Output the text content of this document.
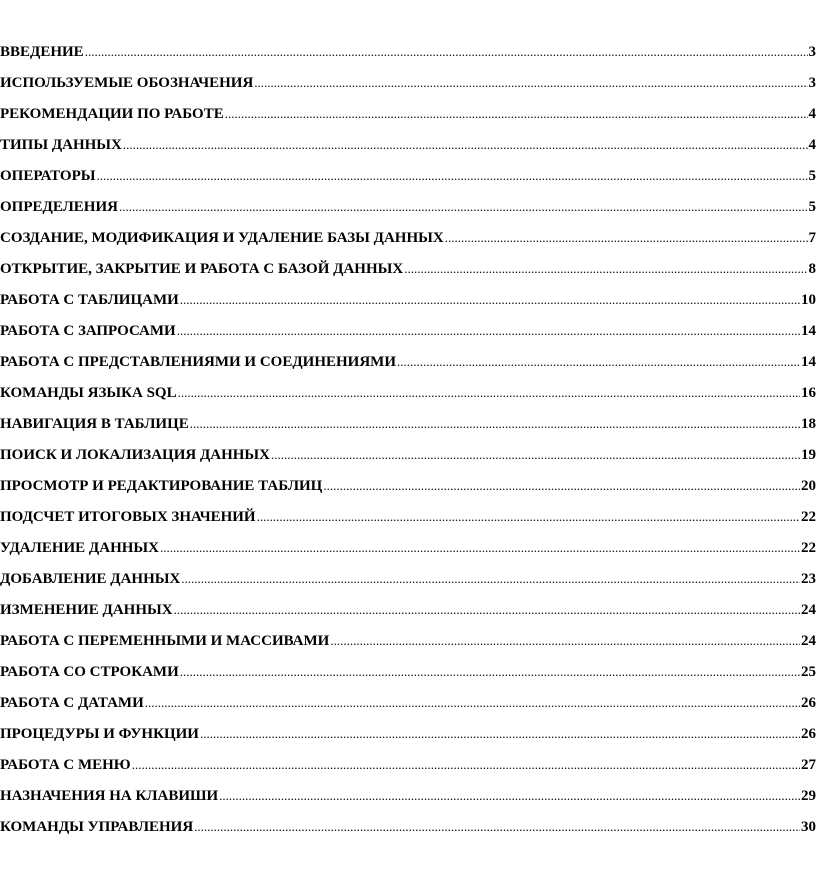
ВВЕДЕНИЕ .....	3
ИСПОЛЬЗУЕМЫЕ ОБОЗНАЧЕНИЯ .....	3
РЕКОМЕНДАЦИИ ПО РАБОТЕ .....	4
ТИПЫ ДАННЫХ .....	4
ОПЕРАТОРЫ .....	5
ОПРЕДЕЛЕНИЯ .....	5
СОЗДАНИЕ, МОДИФИКАЦИЯ И УДАЛЕНИЕ БАЗЫ ДАННЫХ .....	7
ОТКРЫТИЕ, ЗАКРЫТИЕ И РАБОТА С БАЗОЙ ДАННЫХ .....	8
РАБОТА С ТАБЛИЦАМИ .....	10
РАБОТА С ЗАПРОСАМИ .....	14
РАБОТА С ПРЕДСТАВЛЕНИЯМИ И СОЕДИНЕНИЯМИ .....	14
КОМАНДЫ ЯЗЫКА SQL .....	16
НАВИГАЦИЯ В ТАБЛИЦЕ .....	18
ПОИСК И ЛОКАЛИЗАЦИЯ ДАННЫХ .....	19
ПРОСМОТР И РЕДАКТИРОВАНИЕ ТАБЛИЦ .....	20
ПОДСЧЕТ ИТОГОВЫХ ЗНАЧЕНИЙ .....	22
УДАЛЕНИЕ ДАННЫХ .....	22
ДОБАВЛЕНИЕ ДАННЫХ .....	23
ИЗМЕНЕНИЕ ДАННЫХ .....	24
РАБОТА С ПЕРЕМЕННЫМИ И МАССИВАМИ .....	24
РАБОТА СО СТРОКАМИ .....	25
РАБОТА С ДАТАМИ .....	26
ПРОЦЕДУРЫ И ФУНКЦИИ .....	26
РАБОТА С МЕНЮ .....	27
НАЗНАЧЕНИЯ НА КЛАВИШИ .....	29
КОМАНДЫ УПРАВЛЕНИЯ .....	30
